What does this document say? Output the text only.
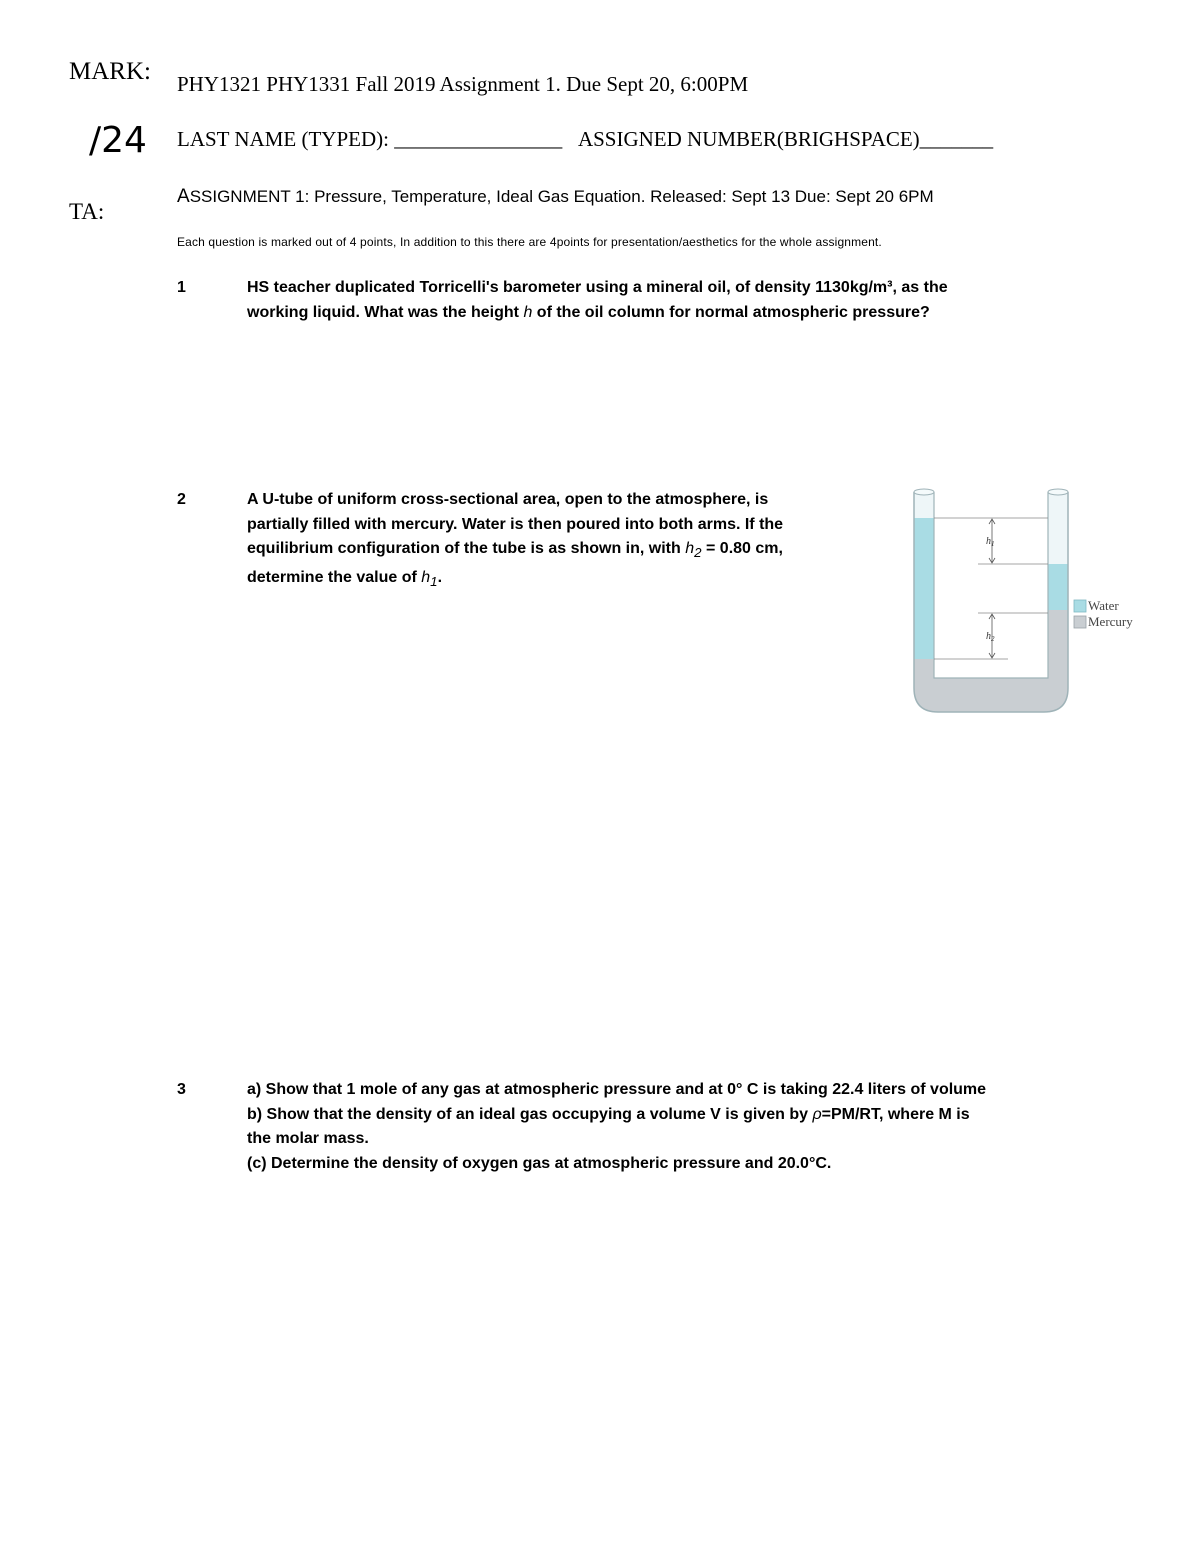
MARK:
/24
TA:
PHY1321 PHY1331 Fall 2019 Assignment 1. Due Sept 20, 6:00PM
LAST NAME (TYPED): ________________ ASSIGNED NUMBER(BRIGHSPACE)_______
ASSIGNMENT 1: Pressure, Temperature, Ideal Gas Equation. Released: Sept 13 Due: Sept 20 6PM
Each question is marked out of 4 points, In addition to this there are 4points for presentation/aesthetics for the whole assignment.
1	HS teacher duplicated Torricelli's barometer using a mineral oil, of density 1130kg/m³, as the
working liquid. What was the height h of the oil column for normal atmospheric pressure?
2	A U-tube of uniform cross-sectional area, open to the atmosphere, is
partially filled with mercury. Water is then poured into both arms. If the
equilibrium configuration of the tube is as shown in, with $h_2 = 0.80$ cm,
determine the value of $h_1$.
$h_1$
$h_2$
Water
Mercury
3	a) Show that 1 mole of any gas at atmospheric pressure and at 0° C is taking 22.4 liters of volume
b) Show that the density of an ideal gas occupying a volume V is given by ρ=PM/RT, where M is
the molar mass.
(c) Determine the density of oxygen gas at atmospheric pressure and 20.0°C.
